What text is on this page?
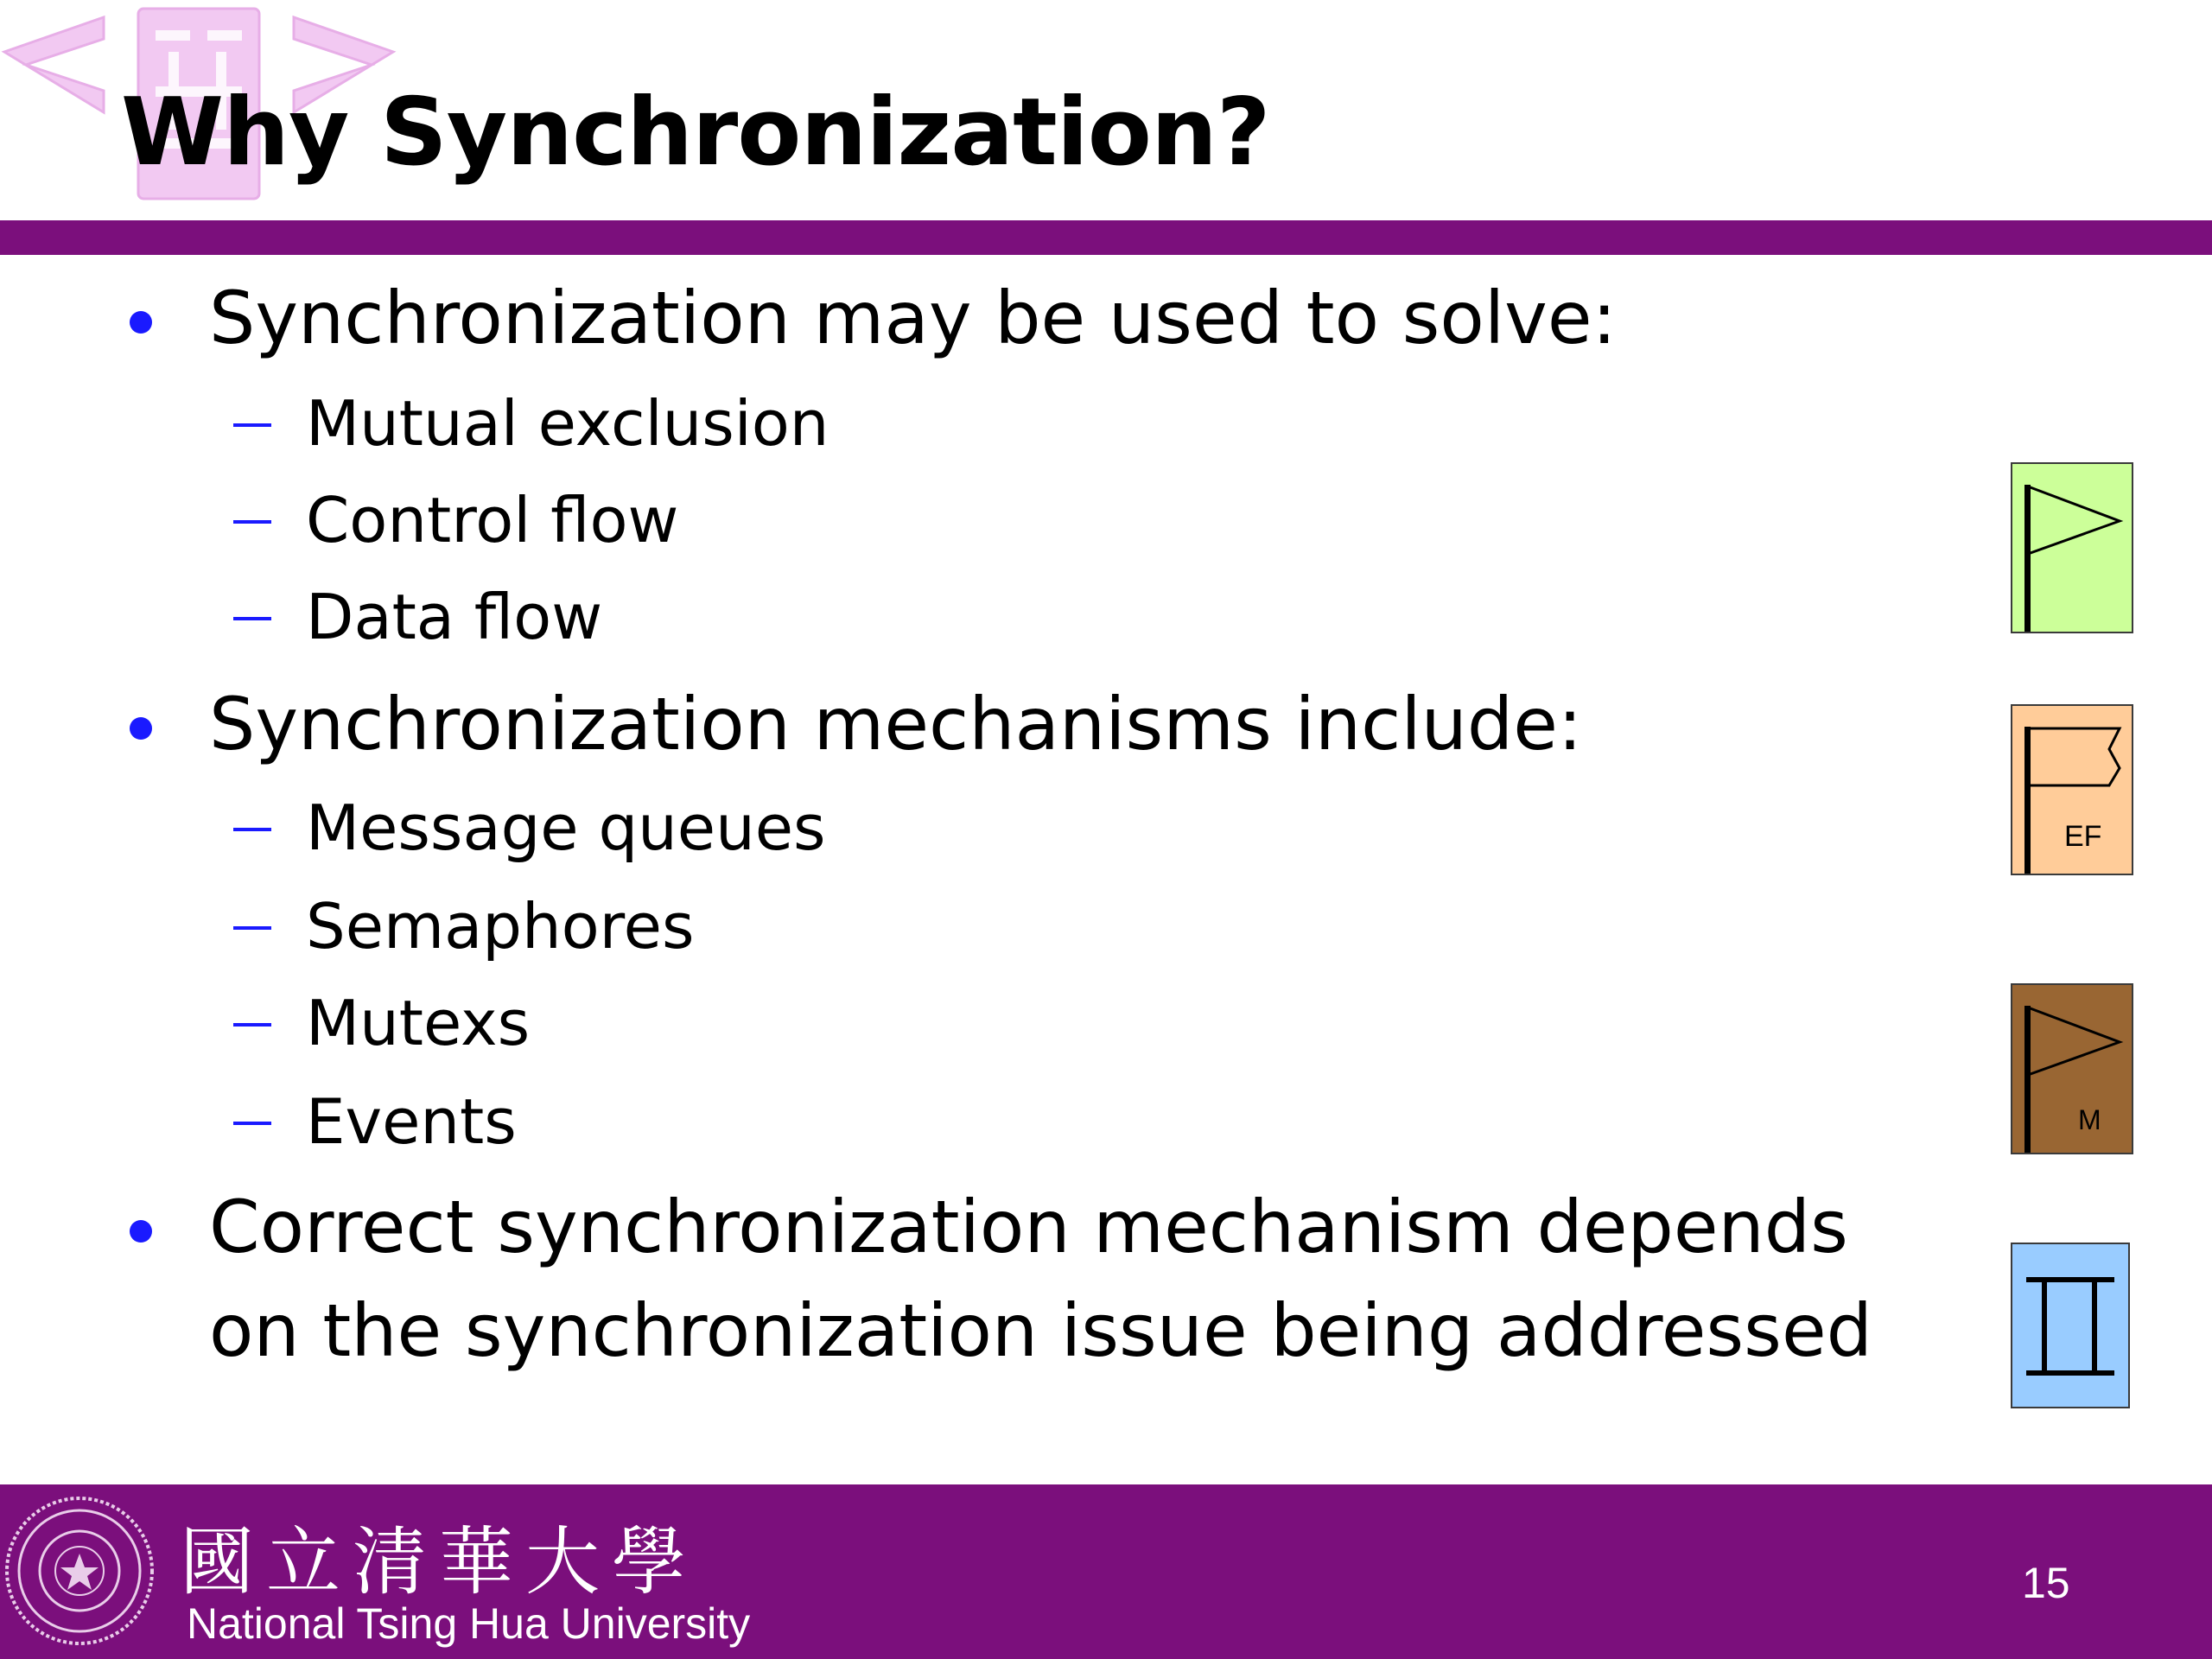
Why Synchronization?
Synchronization may be used to solve:
Mutual exclusion
Control flow
Data flow
Synchronization mechanisms include:
Message queues
Semaphores
Mutexs
Events
Correct synchronization mechanism depends
on the synchronization issue being addressed
EF
M
國立清華大學
National Tsing Hua University
15
